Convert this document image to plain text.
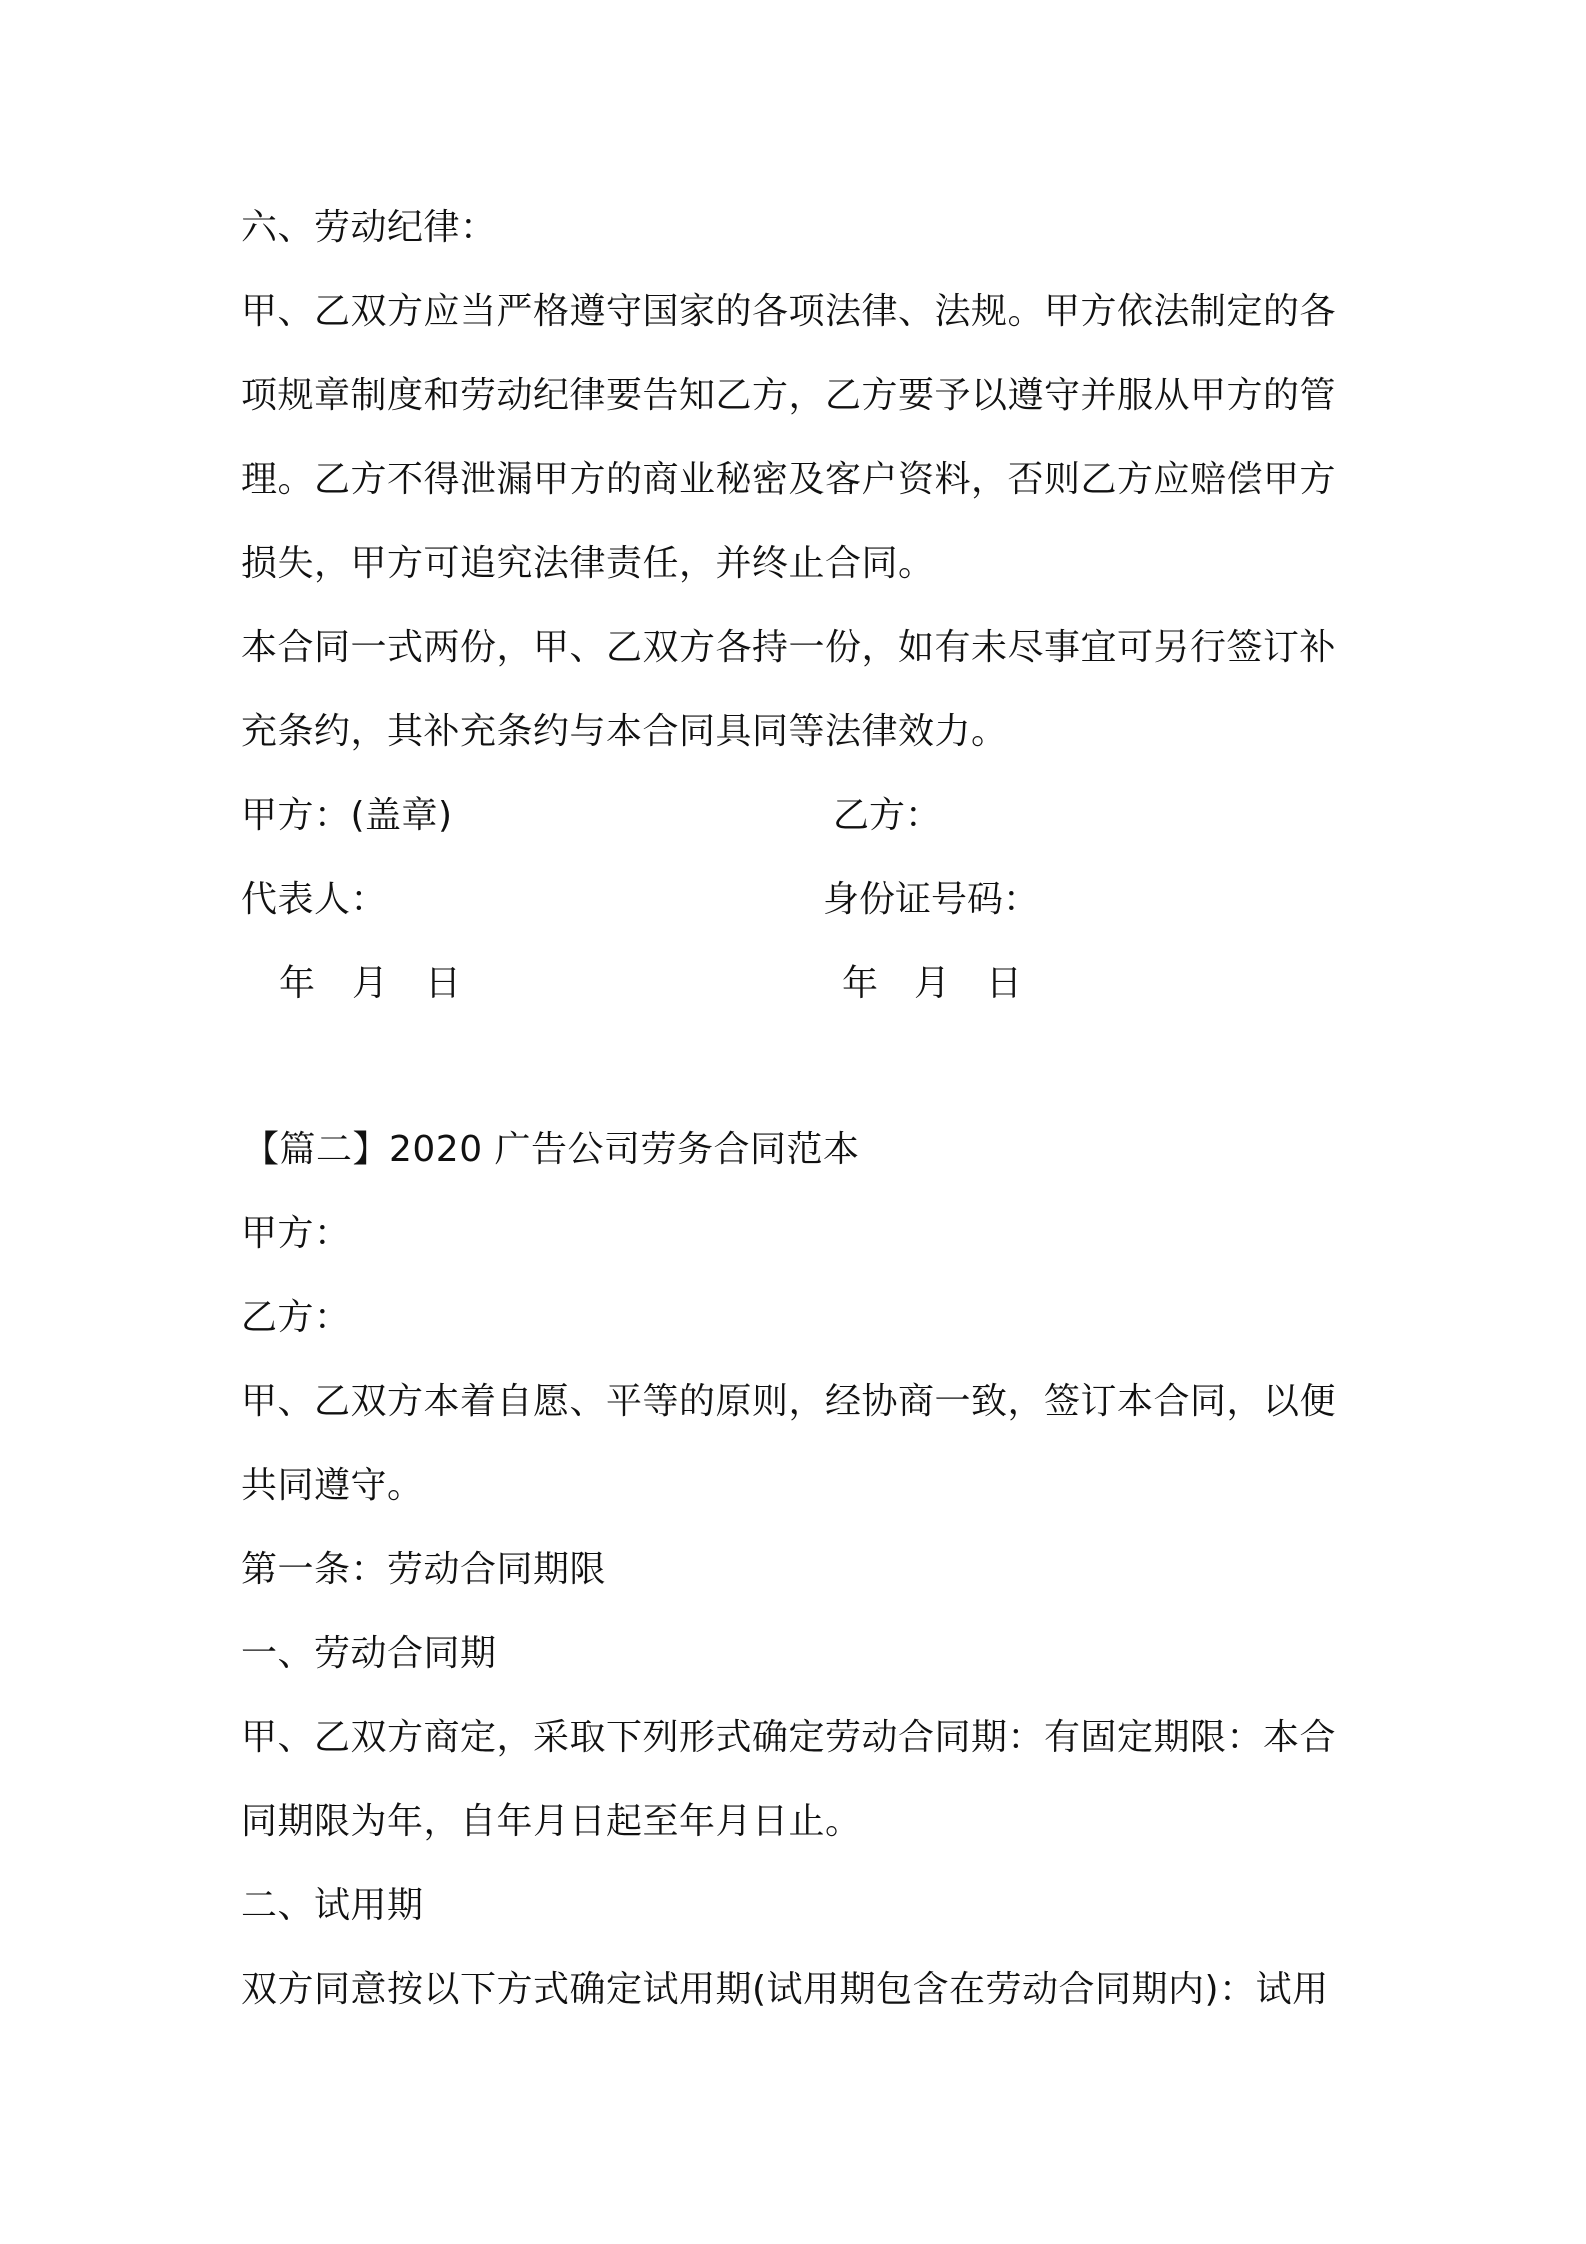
六、劳动纪律：
甲、乙双方应当严格遵守国家的各项法律、法规。甲方依法制定的各
项规章制度和劳动纪律要告知乙方，乙方要予以遵守并服从甲方的管
理。乙方不得泄漏甲方的商业秘密及客户资料，否则乙方应赔偿甲方
损失，甲方可追究法律责任，并终止合同。
本合同一式两份，甲、乙双方各持一份，如有未尽事宜可另行签订补
充条约，其补充条约与本合同具同等法律效力。
甲方：(盖章)	乙方：
代表人：	身份证号码：
年　月　日	年　月　日
【篇二】2020 广告公司劳务合同范本
甲方：
乙方：
甲、乙双方本着自愿、平等的原则，经协商一致，签订本合同，以便
共同遵守。
第一条：劳动合同期限
一、劳动合同期
甲、乙双方商定，采取下列形式确定劳动合同期：有固定期限：本合
同期限为年，自年月日起至年月日止。
二、试用期
双方同意按以下方式确定试用期(试用期包含在劳动合同期内)：试用
